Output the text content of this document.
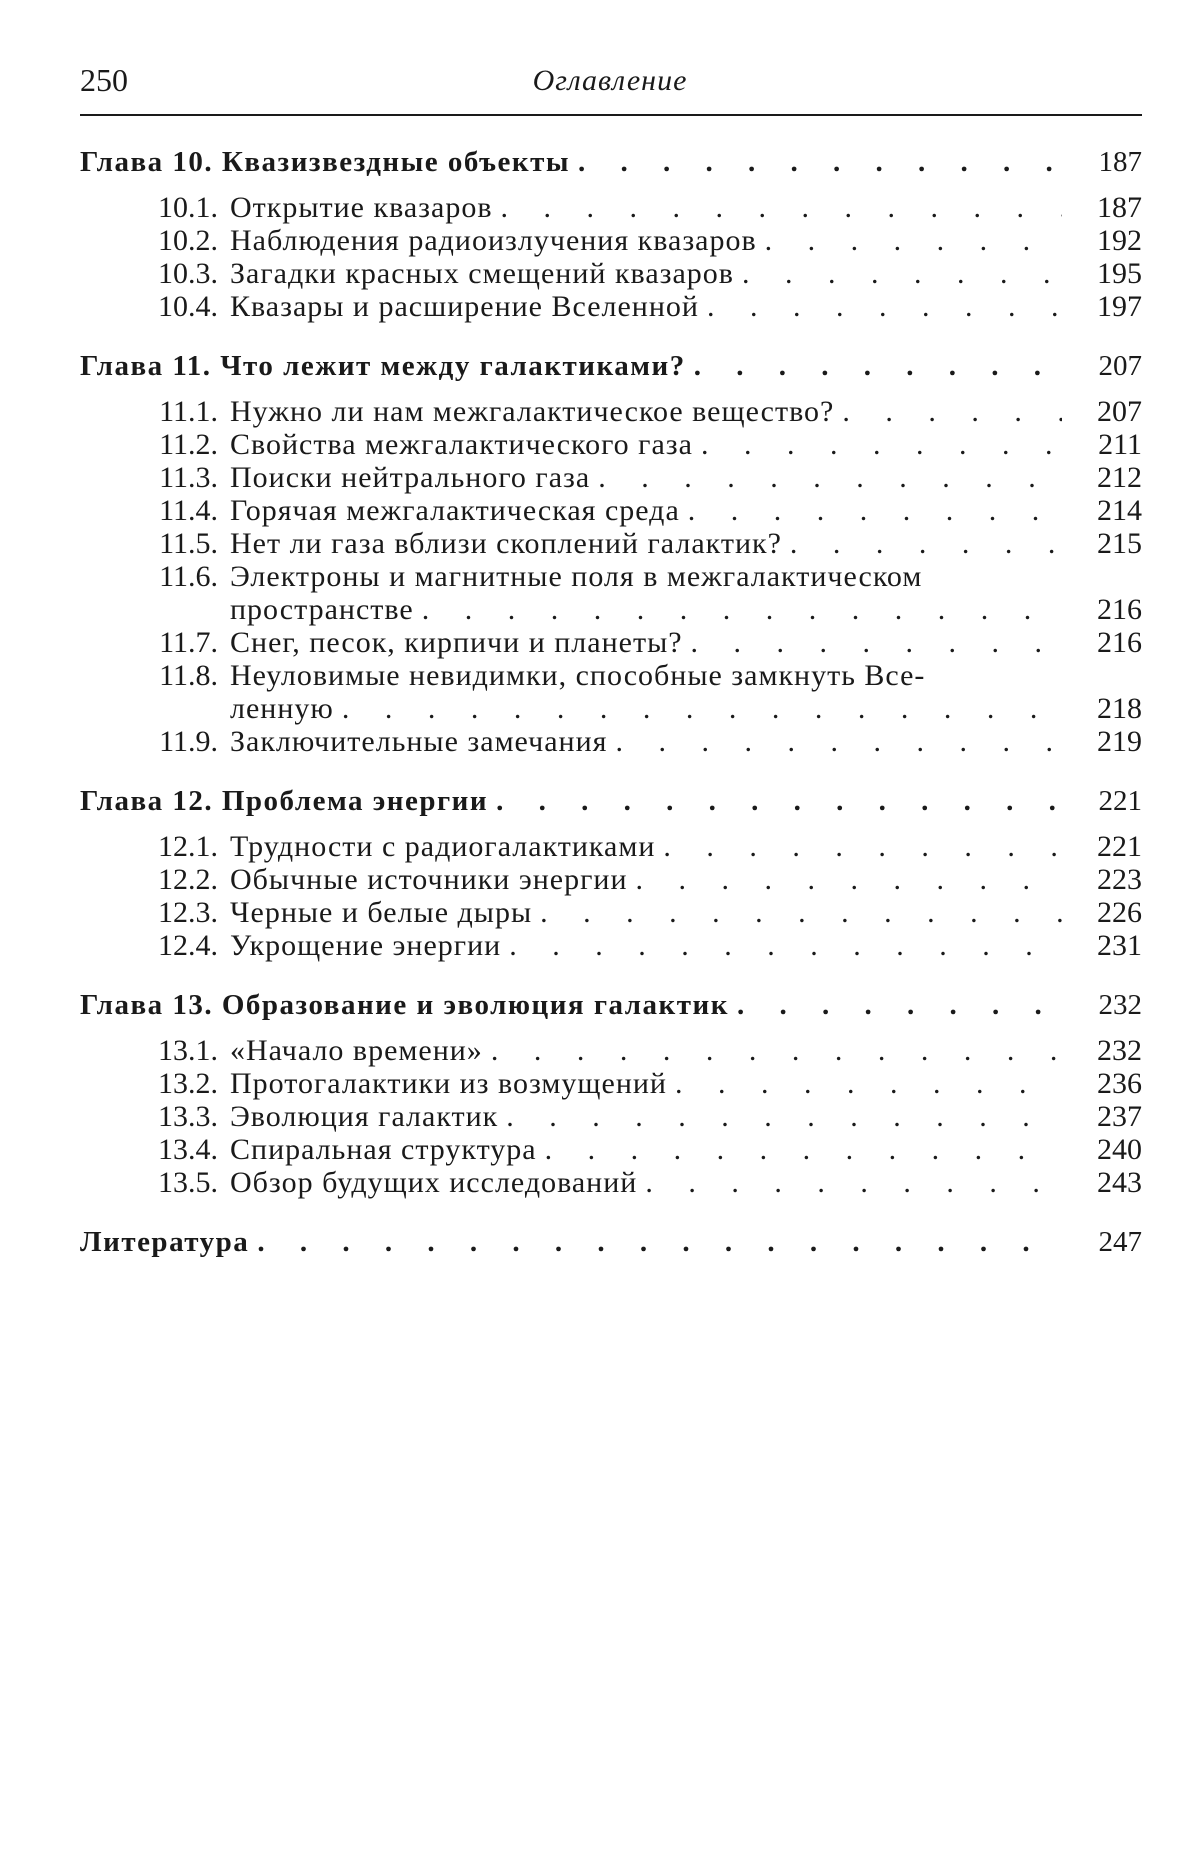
250	Оглавление
Глава 10. Квазизвездные объекты . . .	187
10.1. Открытие квазаров . . .	187
10.2. Наблюдения радиоизлучения квазаров . . .	192
10.3. Загадки красных смещений квазаров . . .	195
10.4. Квазары и расширение Вселенной . . .	197
Глава 11. Что лежит между галактиками? . . .	207
11.1. Нужно ли нам межгалактическое вещество? . . .	207
11.2. Свойства межгалактического газа . . .	211
11.3. Поиски нейтрального газа . . .	212
11.4. Горячая межгалактическая среда . . .	214
11.5. Нет ли газа вблизи скоплений галактик? . . .	215
11.6. Электроны и магнитные поля в межгалактическом
пространстве . . .	216
11.7. Снег, песок, кирпичи и планеты? . . .	216
11.8. Неуловимые невидимки, способные замкнуть Все-
ленную . . .	218
11.9. Заключительные замечания . . .	219
Глава 12. Проблема энергии . . .	221
12.1. Трудности с радиогалактиками . . .	221
12.2. Обычные источники энергии . . .	223
12.3. Черные и белые дыры . . .	226
12.4. Укрощение энергии . . .	231
Глава 13. Образование и эволюция галактик . . .	232
13.1. «Начало времени» . . .	232
13.2. Протогалактики из возмущений . . .	236
13.3. Эволюция галактик . . .	237
13.4. Спиральная структура . . .	240
13.5. Обзор будущих исследований . . .	243
Литература . . .	247
